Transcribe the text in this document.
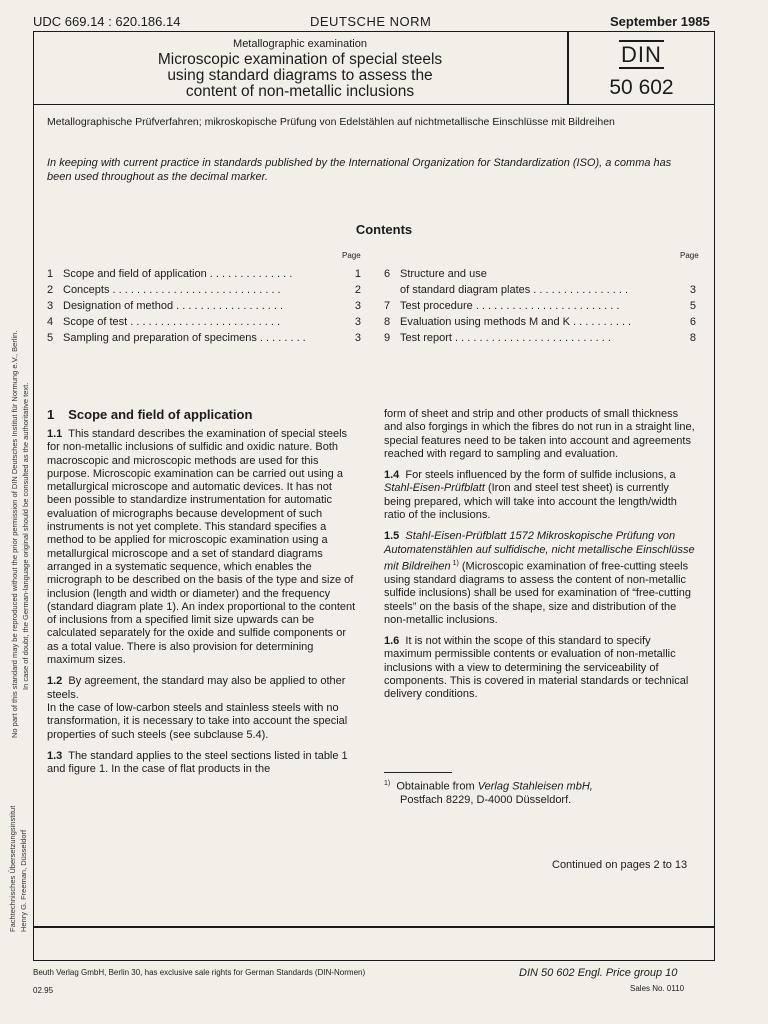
UDC 669.14 : 620.186.14	DEUTSCHE NORM	September 1985
Metallographic examination
Microscopic examination of special steels
using standard diagrams to assess the
content of non-metallic inclusions
DIN
50 602
Metallographische Prüfverfahren; mikroskopische Prüfung von Edelstählen auf nichtmetallische Einschlüsse mit Bildreihen
In keeping with current practice in standards published by the International Organization for Standardization (ISO), a comma has been used throughout as the decimal marker.
Contents
Page	Page
1 Scope and field of application . . . . . . . . . . . . . .	1
2 Concepts . . . . . . . . . . . . . . . . . . . . . . . . . . . .	2
3 Designation of method . . . . . . . . . . . . . . . . . .	3
4 Scope of test . . . . . . . . . . . . . . . . . . . . . . . . .	3
5 Sampling and preparation of specimens . . . . . . . .	3
6 Structure and use
of standard diagram plates . . . . . . . . . . . . . . . .	3
7 Test procedure . . . . . . . . . . . . . . . . . . . . . . . .	5
8 Evaluation using methods M and K . . . . . . . . . .	6
9 Test report . . . . . . . . . . . . . . . . . . . . . . . . . .	8
1 Scope and field of application

1.1 This standard describes the examination of special steels for non-metallic inclusions of sulfidic and oxidic nature. Both macroscopic and microscopic methods are used for this purpose. Microscopic examination can be carried out using a metallurgical microscope and automatic devices. It has not been possible to standardize instrumentation for automatic evaluation of micrographs because development of such instruments is not yet complete. This standard specifies a method to be applied for microscopic examination using a metallurgical microscope and a set of standard diagrams arranged in a systematic sequence, which enables the micrograph to be described on the basis of the type and size of inclusion (length and width or diameter) and the frequency (standard diagram plate 1). An index proportional to the content of inclusions from a specified limit size upwards can be calculated separately for the oxide and sulfide components or as a total value. There is also provision for determining maximum sizes.

1.2 By agreement, the standard may also be applied to other steels.

In the case of low-carbon steels and stainless steels with no transformation, it is necessary to take into account the special properties of such steels (see subclause 5.4).

1.3 The standard applies to the steel sections listed in table 1 and figure 1. In the case of flat products in the

form of sheet and strip and other products of small thickness and also forgings in which the fibres do not run in a straight line, special features need to be taken into account and agreements reached with regard to sampling and evaluation.

1.4 For steels influenced by the form of sulfide inclusions, a Stahl-Eisen-Prüfblatt (Iron and steel test sheet) is currently being prepared, which will take into account the length/width ratio of the inclusions.

1.5 Stahl-Eisen-Prüfblatt 1572 Mikroskopische Prüfung von Automatenstählen auf sulfidische, nicht metallische Einschlüsse mit Bildreihen $^{1)}$ (Microscopic examination of free-cutting steels using standard diagrams to assess the content of non-metallic sulfide inclusions) shall be used for examination of “free-cutting steels” on the basis of the shape, size and distribution of the non-metallic inclusions.

1.6 It is not within the scope of this standard to specify maximum permissible contents or evaluation of non-metallic inclusions with a view to determining the serviceability of components. This is covered in material standards or technical delivery conditions.

$^{1)}$ Obtainable from Verlag Stahleisen mbH,
Postfach 8229, D-4000 Düsseldorf.
Continued on pages 2 to 13
Beuth Verlag GmbH, Berlin 30, has exclusive sale rights for German Standards (DIN-Normen)	DIN 50 602 Engl. Price group 10
02.95	Sales No. 0110
No part of this standard may be reproduced without the prior permission of DIN Deutsches Institut für Normung e.V., Berlin. In case of doubt, the German-language original should be consulted as the authoritative text.
Fachtechnisches Übersetzungsinstitut Henry G. Freeman, Düsseldorf
